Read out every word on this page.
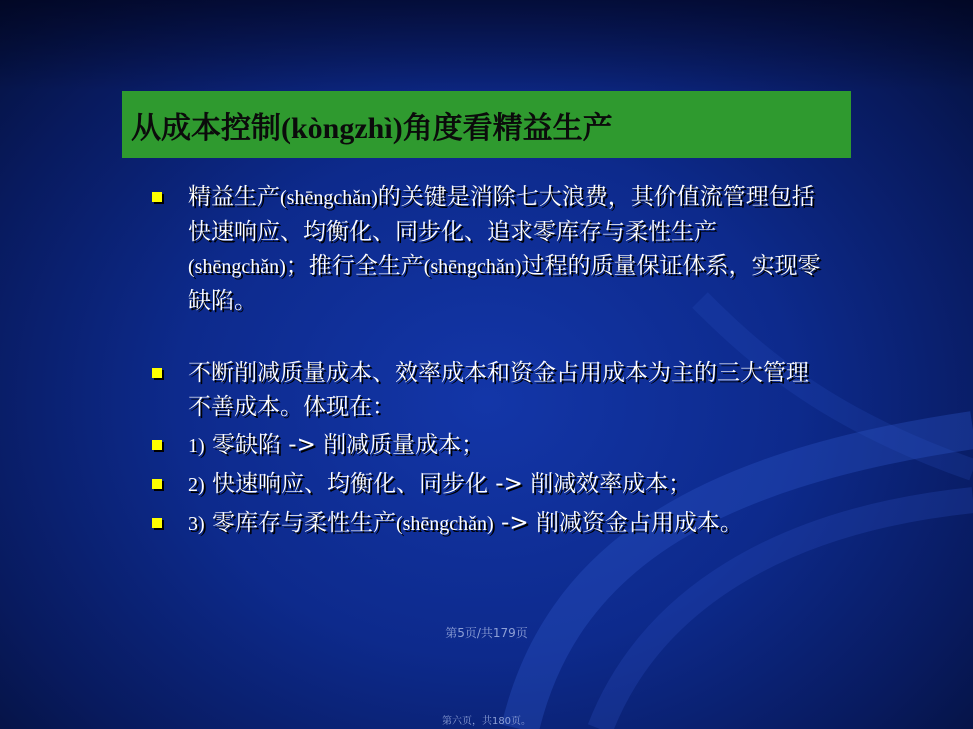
从成本控制(kòngzhì)角度看精益生产
精益生产(shēngchǎn)的关键是消除七大浪费，其价值流管理包括快速响应、均衡化、同步化、追求零库存与柔性生产(shēngchǎn)；推行全生产(shēngchǎn)过程的质量保证体系，实现零缺陷。
不断削减质量成本、效率成本和资金占用成本为主的三大管理不善成本。体现在：
1) 零缺陷 -> 削减质量成本；
2) 快速响应、均衡化、同步化 -> 削减效率成本；
3) 零库存与柔性生产(shēngchǎn) -> 削减资金占用成本。
第5页/共179页
第六页，共180页。
